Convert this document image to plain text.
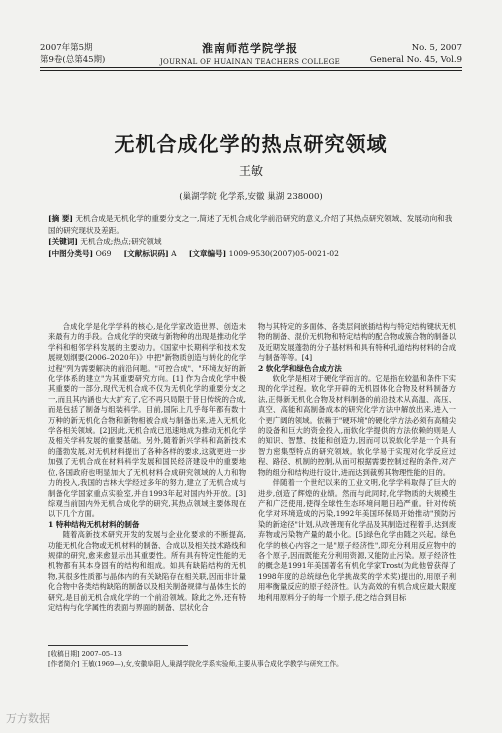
2007年第5期
第9卷(总第45期)
淮南师范学院学报
JOURNAL OF HUAINAN TEACHERS COLLEGE
No. 5, 2007
General No. 45, Vol.9
无机合成化学的热点研究领域
王敏
(巢湖学院 化学系,安徽 巢湖 238000)
[摘 要] 无机合成是无机化学的重要分支之一,简述了无机合成化学前沿研究的意义,介绍了其热点研究领域、发展动向和我国的研究现状及差距。
[关键词] 无机合成;热点;研究领域
[中图分类号] O69 [文献标识码] A [文章编号] 1009-9530(2007)05-0021-02

合成化学是化学学科的核心,是化学家改造世界、创造未来最有力的手段。合成化学的突破与新物种的出现是推动化学学科和相邻学科发展的主要动力。《国家中长期科学和技术发展规划纲要(2006–2020年)》中把"新物质创造与转化的化学过程"列为需要解决的前沿问题。"可控合成"、"环境友好的新化学体系的建立"为其重要研究方向。[1] 作为合成化学中极其重要的一部分,现代无机合成不仅为无机化学的重要分支之一,而且其内涵也大大扩充了,它不再只局限于昔日传统的合成,而是包括了制备与组装科学。目前,国际上几乎每年都有数十万种的新无机化合物和新物相被合成与制备出来,进入无机化学各相关领域。[2]因此,无机合成已迅速地成为推动无机化学及相关学科发展的重要基础。另外,随着新兴学科和高新技术的蓬勃发展,对无机材料提出了各种各样的要求,这就更进一步加强了无机合成在材料科学发展和国民经济建设中的重要地位,各国政府也明显加大了无机材料合成研究领域的人力和物力的投入,我国的吉林大学经过多年的努力,建立了无机合成与制备化学国家重点实验室,并自1993年起对国内外开放。[3] 综观当前国内外无机合成化学的研究,其热点领域主要体现在以下几个方面。

1 特种结构无机材料的制备

随着高新技术研究开发的发展与企业化要求的不断提高,功能无机化合物或无机材料的制备、合成以及相关技术路线和规律的研究,愈来愈显示出其重要性。所有具有特定性能的无机物都有其本身固有的结构和组成。如具有缺陷结构的无机物,其很多性质都与晶体内的有关缺陷存在相关联,因而非计量化合物中各类结构缺陷的制备以及相关制备规律与晶体生长的研究,是目前无机合成化学的一个前沿领域。除此之外,还有特定结构与化学属性的表面与界面的制备、层状化合

物与其特定的多面体、各类层间嵌插结构与特定结构键状无机物的制备、混价无机物和特定结构的配合物或簇合物的制备以及近期发展蓬勃的分子基材料和具有特种孔道结构材料的合成与制备等等。[4]

2 软化学和绿色合成方法

软化学是相对于硬化学而言的。它是指在较温和条件下实现的化学过程。软化学开辟的无机固体化合物及材料制备方法,正得新无机化合物及材料制备的前沿技术从高温、高压、真空、高能和高制备成本的研究化学方法中解放出来,进入一个更广阔的领域。依赖于"硬环境"的硬化学方法必须有高精尖的设备和巨大的资金投入,而软化学提供的方法依赖的则是人的知识、智慧、技能和创造力,因而可以说软化学是一个具有智力密集型特点的研究领域。软化学易于实现对化学反应过程、路径、机制的控制,从而可根据需要控制过程的条件,对产物的组分和结构进行设计,进而达到裁剪其物理性能的目的。

伴随着一个世纪以来的工业文明,化学学科取得了巨大的进步,创造了辉煌的业绩。然而与此同时,化学物质的大规模生产和广泛使用,使得全球性生态环境问题日趋严重。针对传统化学对环境造成的污染,1992年美国环保局开始推动"预防污染的新途径"计划,从改善现有化学品及其制造过程着手,达到废弃物或污染物产量的最小化。[5]绿色化学由随之兴起。绿色化学的核心内容之一是"原子经济性",即充分利用反应物中的各个原子,因而既能充分利用资源,又能防止污染。原子经济性的概念是1991年美国著名有机化学家Trost(为此他曾获得了1998年度的总统绿色化学挑战奖的学术奖)提出的,用原子利用率衡量反应的原子经济性。认为高效的有机合成应最大限度地利用原料分子的每一个原子,使之结合到目标

[收稿日期] 2007–05–13
[作者简介] 王敏(1969—),女,安徽阜阳人,巢湖学院化学系实验师,主要从事合成化学教学与研究工作。
万方数据
